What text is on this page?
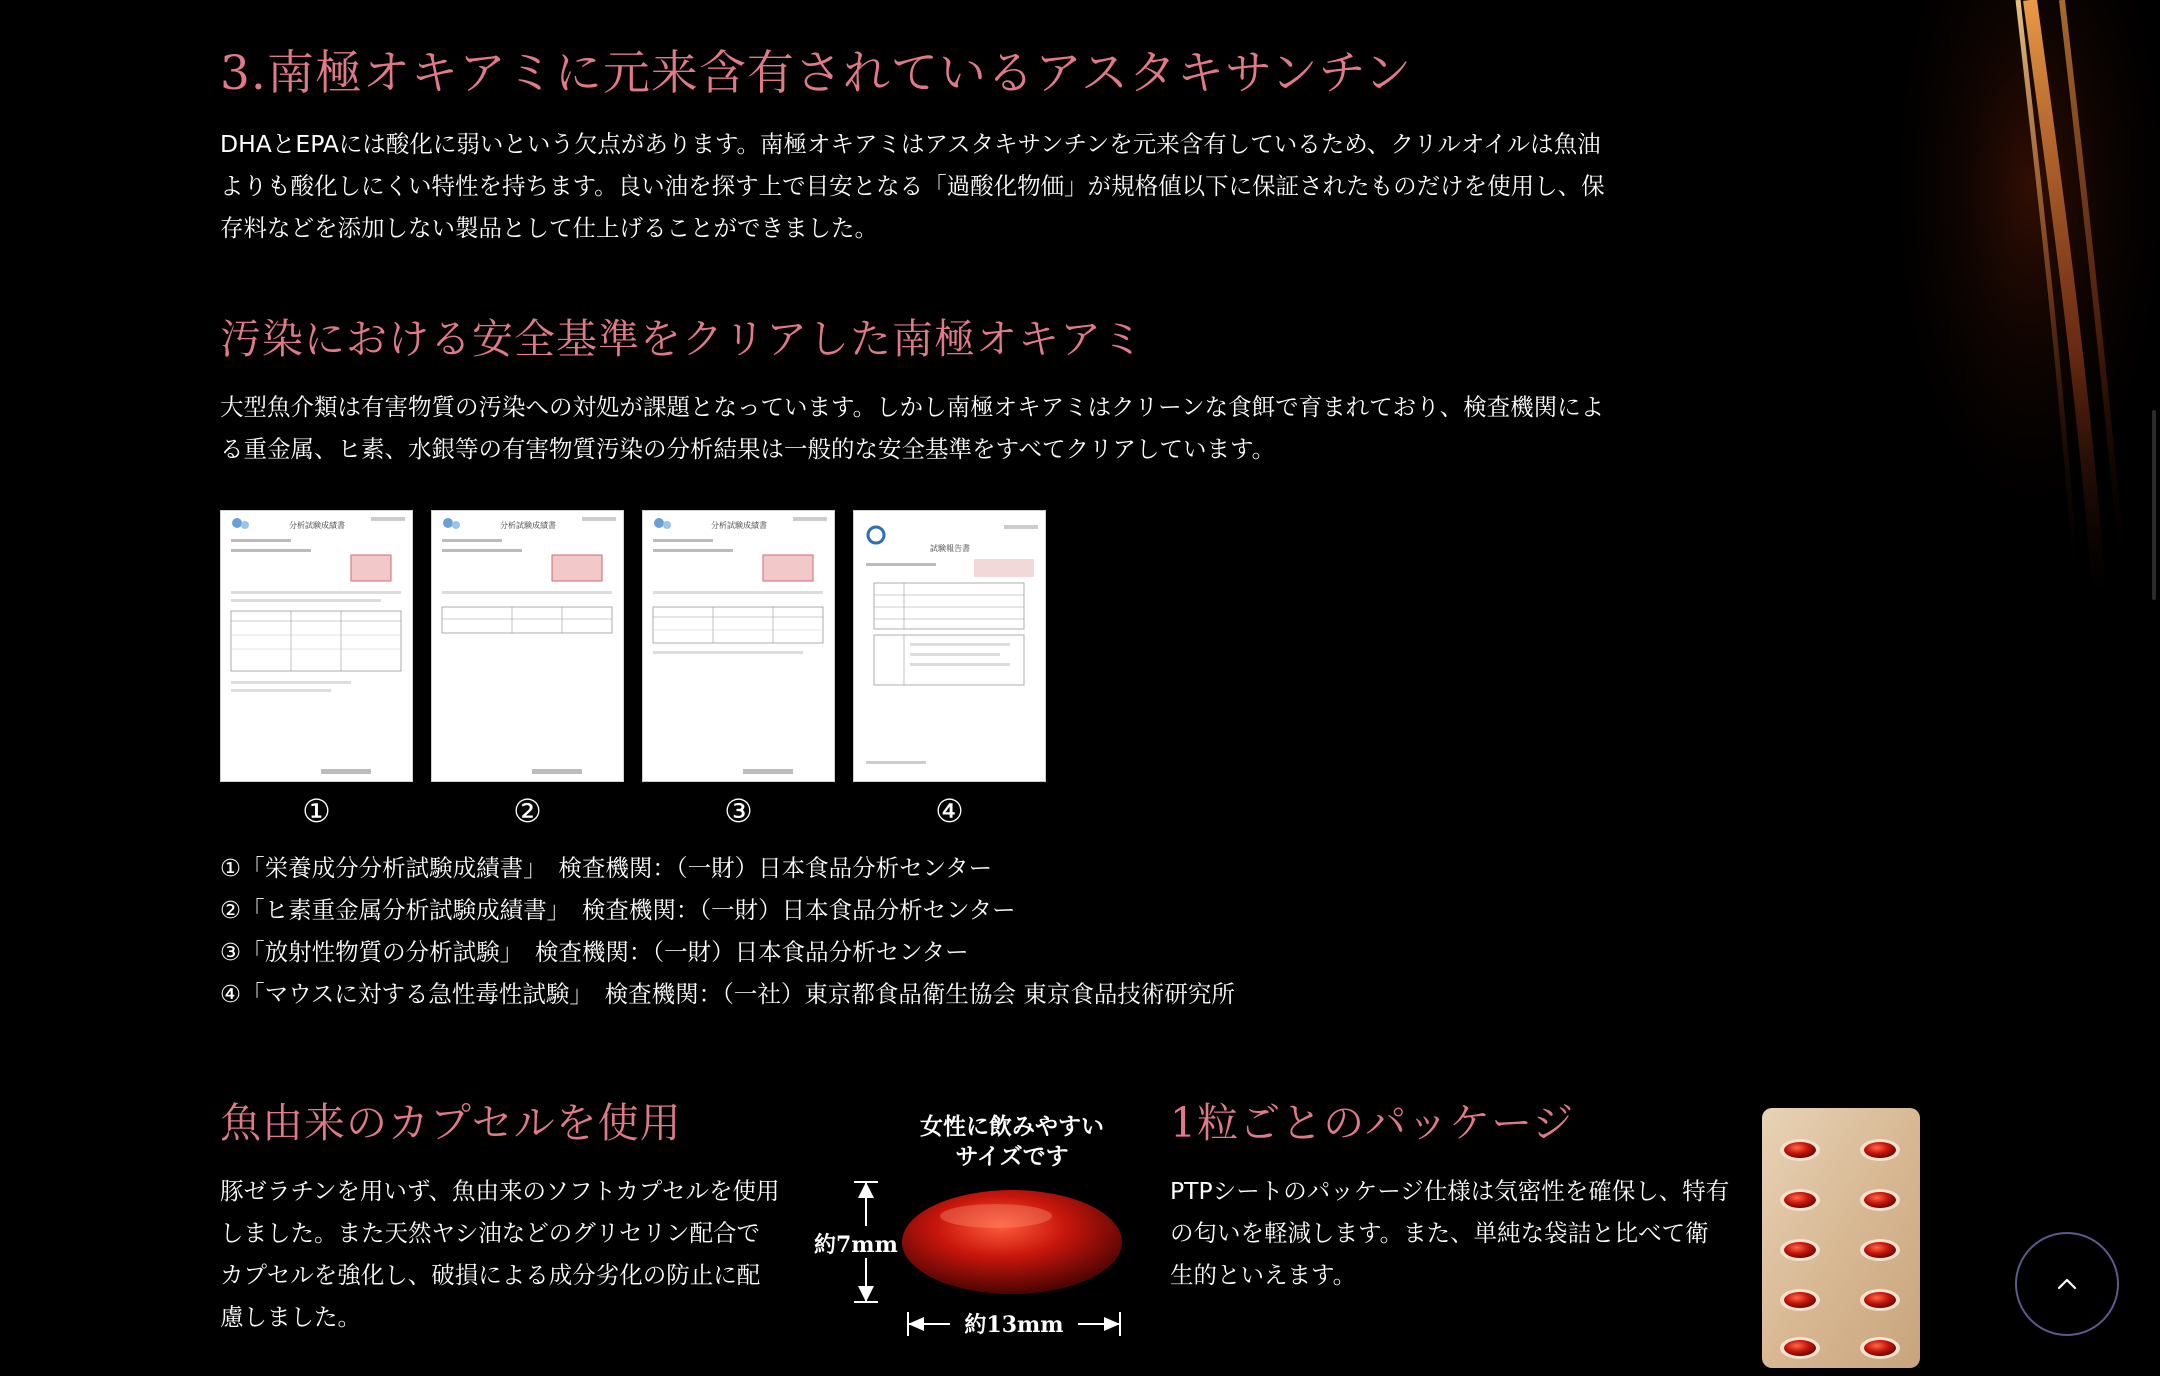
3.南極オキアミに元来含有されているアスタキサンチン

DHAとEPAには酸化に弱いという欠点があります。南極オキアミはアスタキサンチンを元来含有しているため、クリルオイルは魚油よりも酸化しにくい特性を持ちます。良い油を探す上で目安となる「過酸化物価」が規格値以下に保証されたものだけを使用し、保存料などを添加しない製品として仕上げることができました。

汚染における安全基準をクリアした南極オキアミ

大型魚介類は有害物質の汚染への対処が課題となっています。しかし南極オキアミはクリーンな食餌で育まれており、検査機関による重金属、ヒ素、水銀等の有害物質汚染の分析結果は一般的な安全基準をすべてクリアしています。

分析試験成績書
①
分析試験成績書
②
分析試験成績書
③
試験報告書
④
①「栄養成分分析試験成績書」　検査機関：（一財）日本食品分析センター
②「ヒ素重金属分析試験成績書」　検査機関：（一財）日本食品分析センター
③「放射性物質の分析試験」　検査機関：（一財）日本食品分析センター
④「マウスに対する急性毒性試験」　検査機関：（一社）東京都食品衛生協会 東京食品技術研究所
魚由来のカプセルを使用

豚ゼラチンを用いず、魚由来のソフトカプセルを使用しました。また天然ヤシ油などのグリセリン配合でカプセルを強化し、破損による成分劣化の防止に配慮しました。

女性に飲みやすい
サイズです
約7mm
約13mm
1粒ごとのパッケージ

PTPシートのパッケージ仕様は気密性を確保し、特有の匂いを軽減します。また、単純な袋詰と比べて衛生的といえます。
